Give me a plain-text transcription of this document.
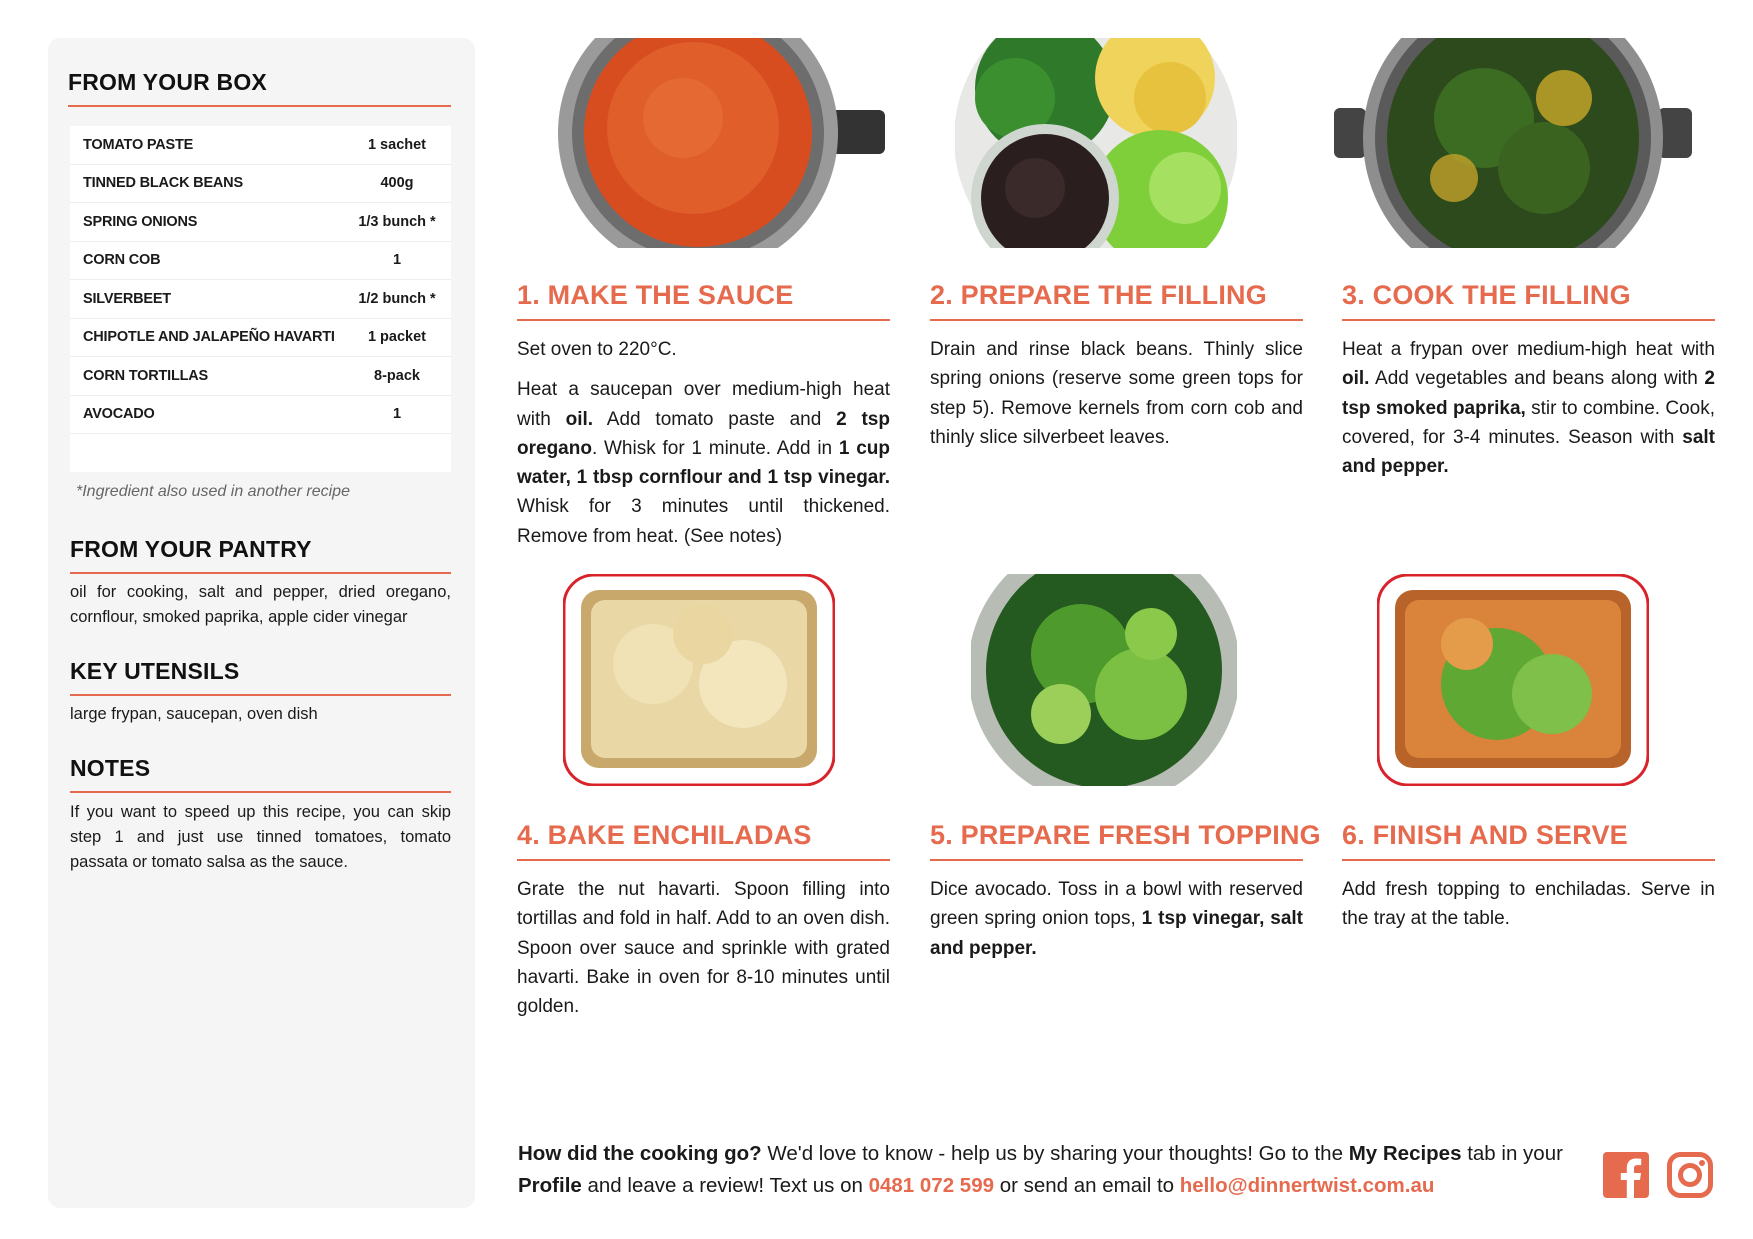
FROM YOUR BOX
TOMATO PASTE	1 sachet
TINNED BLACK BEANS	400g
SPRING ONIONS	1/3 bunch *
CORN COB	1
SILVERBEET	1/2 bunch *
CHIPOTLE AND JALAPEÑO HAVARTI	1 packet
CORN TORTILLAS	8-pack
AVOCADO	1
*Ingredient also used in another recipe
FROM YOUR PANTRY
oil for cooking, salt and pepper, dried oregano, cornflour, smoked paprika, apple cider vinegar
KEY UTENSILS
large frypan, saucepan, oven dish
NOTES
If you want to speed up this recipe, you can skip step 1 and just use tinned tomatoes, tomato passata or tomato salsa as the sauce.
1. MAKE THE SAUCE

Set oven to 220°C.

Heat a saucepan over medium-high heat with oil. Add tomato paste and 2 tsp oregano. Whisk for 1 minute. Add in 1 cup water, 1 tbsp cornflour and 1 tsp vinegar. Whisk for 3 minutes until thickened. Remove from heat. (See notes)

2. PREPARE THE FILLING
Drain and rinse black beans. Thinly slice spring onions (reserve some green tops for step 5). Remove kernels from corn cob and thinly slice silverbeet leaves.
3. COOK THE FILLING
Heat a frypan over medium-high heat with oil. Add vegetables and beans along with 2 tsp smoked paprika, stir to combine. Cook, covered, for 3-4 minutes. Season with salt and pepper.
4. BAKE ENCHILADAS
Grate the nut havarti. Spoon filling into tortillas and fold in half. Add to an oven dish. Spoon over sauce and sprinkle with grated havarti. Bake in oven for 8-10 minutes until golden.
5. PREPARE FRESH TOPPING
Dice avocado. Toss in a bowl with reserved green spring onion tops, 1 tsp vinegar, salt and pepper.
6. FINISH AND SERVE
Add fresh topping to enchiladas. Serve in the tray at the table.
How did the cooking go? We'd love to know - help us by sharing your thoughts! Go to the My Recipes tab in your Profile and leave a review! Text us on 0481 072 599 or send an email to hello@dinnertwist.com.au
